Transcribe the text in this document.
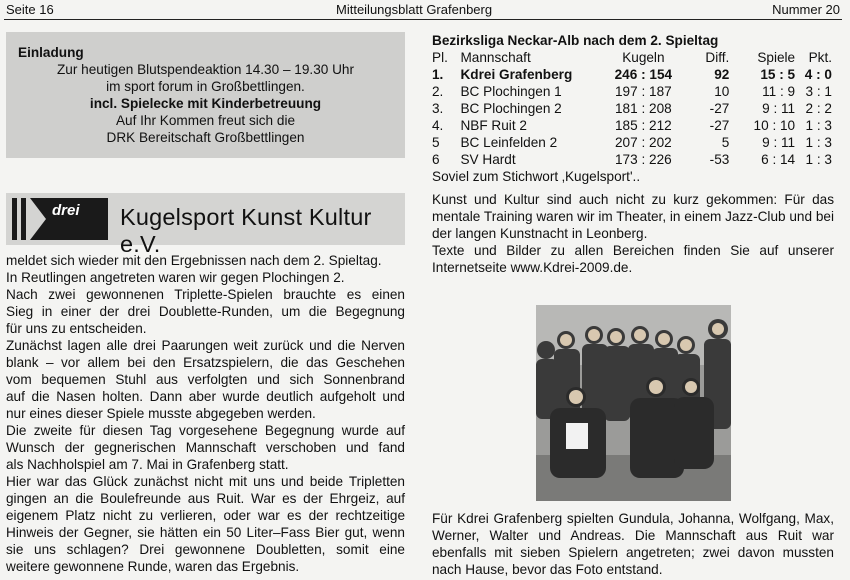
Seite 16	Mitteilungsblatt Grafenberg	Nummer 20
Einladung
Zur heutigen Blutspendeaktion 14.30 – 19.30 Uhr
im sport forum in Großbettlingen.
incl. Spielecke mit Kinderbetreuung
Auf Ihr Kommen freut sich die
DRK Bereitschaft Großbettlingen
drei Kugelsport Kunst Kultur e.V.

meldet sich wieder mit den Ergebnissen nach dem 2. Spieltag.

In Reutlingen angetreten waren wir gegen Plochingen 2.

Nach zwei gewonnenen Triplette-Spielen brauchte es einen

Sieg in einer der drei Doublette-Runden, um die Begegnung

für uns zu entscheiden.

Zunächst lagen alle drei Paarungen weit zurück und die Nerven

blank – vor allem bei den Ersatzspielern, die das Geschehen

vom bequemen Stuhl aus verfolgten und sich Sonnenbrand

auf die Nasen holten. Dann aber wurde deutlich aufgeholt und

nur eines dieser Spiele musste abgegeben werden.

Die zweite für diesen Tag vorgesehene Begegnung wurde auf

Wunsch der gegnerischen Mannschaft verschoben und fand

als Nachholspiel am 7. Mai in Grafenberg statt.

Hier war das Glück zunächst nicht mit uns und beide Tripletten

gingen an die Boulefreunde aus Ruit. War es der Ehrgeiz, auf

eigenem Platz nicht zu verlieren, oder war es der rechtzeitige

Hinweis der Gegner, sie hätten ein 50 Liter–Fass Bier gut, wenn

sie uns schlagen? Drei gewonnene Doubletten, somit eine

weitere gewonnene Runde, waren das Ergebnis.

Bezirksliga Neckar-Alb nach dem 2. Spieltag
Pl.	Mannschaft	Kugeln	Diff.	Spiele	Pkt.
1.	Kdrei Grafenberg	246 : 154	92	15 : 5	4 : 0
2.	BC Plochingen 1	197 : 187	10	11 : 9	3 : 1
3.	BC Plochingen 2	181 : 208	-27	9 : 11	2 : 2
4.	NBF Ruit 2	185 : 212	-27	10 : 10	1 : 3
5	BC Leinfelden 2	207 : 202	5	9 : 11	1 : 3
6	SV Hardt	173 : 226	-53	6 : 14	1 : 3
Soviel zum Stichwort ‚Kugelsport'..

Kunst und Kultur sind auch nicht zu kurz gekommen: Für das mentale Training waren wir im Theater, in einem Jazz-Club und bei der langen Kunstnacht in Leonberg.

Texte und Bilder zu allen Bereichen finden Sie auf unserer Internetseite www.Kdrei-2009.de.

Für Kdrei Grafenberg spielten Gundula, Johanna, Wolfgang, Max, Werner, Walter und Andreas. Die Mannschaft aus Ruit war ebenfalls mit sieben Spielern angetreten; zwei davon mussten nach Hause, bevor das Foto entstand.
